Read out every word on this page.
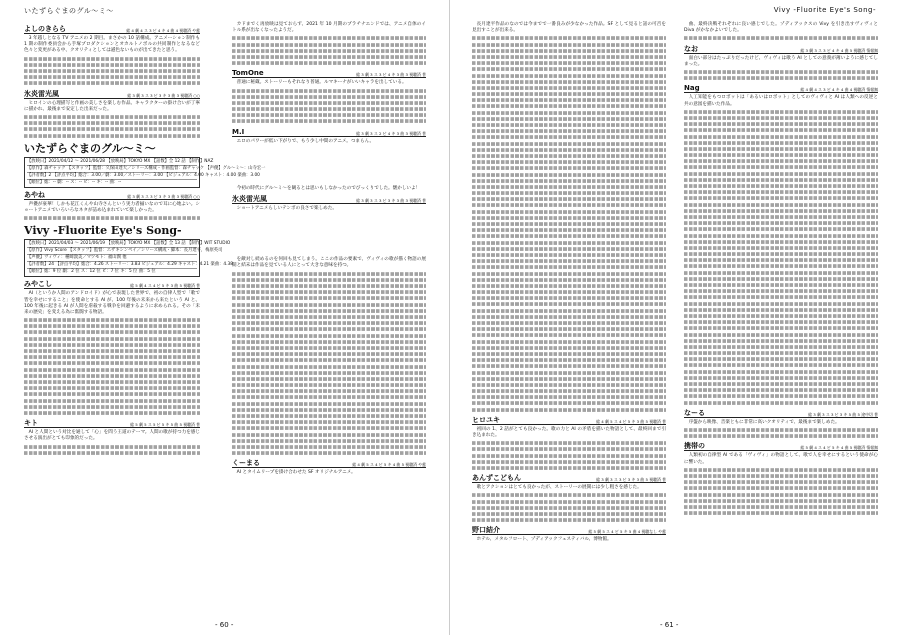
いたずらぐまのグル〜ミ〜
よしのきらら	総 4 劇 4 ス 3 ビ 4 キ 4 曲 4 視聴済 や慈

3 年越しとなる TV アニメの 2 期目。まさかの 10 話構成。アニメーション制作も 1 期の制作委員会から手塚プロダクションとオカルトノボルの共同制作となるなど色々と変更がある中、クオリティとしては遜色ないものが出てきたと思う。

氷炎雷光風	総 3 劇 3 ス 3 ビ 3 キ 3 曲 3 視聴済 ○○

ヒロインの心理描写と作画の美しさを楽しむ作品。キャラクターの掛け合いが丁寧に描かれ、最後まで安定した出来だった。

いたずらぐまのグル〜ミ〜
【放映日】2021/04/12 〜 2021/06/28 【放映局】TOKYO MX 【話数】全 12 話 【制作】NAZ
【原作】森チャック 【スタッフ】監督：久保田達大／シリーズ構成・作画監督：森チャック 【声優】グル〜ミ〜：山寺宏一
【評者数】2 【評点平均】総合：3.00／劇：3.00／ストーリー：3.00 【ビジュアル：4.00 キャスト：4.00 楽曲：3.00
【順位】総：-- 劇：-- ス：-- ビ：-- キ：-- 曲：--
あやね	総 3 劇 3 ス 3 ビ 3 キ 3 曲 3 視聴済 ○○

声優が豪華！しかも花江くんや山寺さんという実力者揃いなので耳に心地よい。ショートアニメでいろいろなネタが詰め込まれていて楽しかった。

Vivy -Fluorite Eye's Song-
【放映日】2021/04/03 〜 2021/06/19 【放映局】TOKYO MX 【話数】全 13 話 【制作】WIT STUDIO
【原作】Vivy Score 【スタッフ】監督：エザキシンペイ／シリーズ構成・脚本：長月達平，梅原英司
【声優】ヴィヴィ：種﨑敦美／マツモト：福山潤 他
【評者数】24 【評点平均】総合：4.26 ストーリー：3.83 ビジュアル：4.29 キャスト：4.21 楽曲：4.38
【順位】総：9 位 劇：2 位 ス：12 位 ビ：7 位 キ：5 位 曲：5 位
みやこし	総 5 劇 4 ス 4 ビ 5 キ 3 曲 5 視聴済 普

AI（というか人間のアンドロイド）が心で表現した世界で、初の自律人型で「歌で皆を幸せにすること」を使命とする AI が、100 年後の未来から来たという AI と、100 年後に起きる AI が人間を虐殺する戦争を回避するように求められる。その「未来の歴史」を変える為に奮闘する物語。

キト	総 5 劇 5 ス 5 ビ 5 キ 5 曲 5 視聴済 普

AI と人間という対比を通して「心」を問う王道のテーマ。人間の歌が持つ力を感じさせる演出がとても印象的だった。

カドまでく再放映は見ておらず、2021 年 10 月期のプラチナエンドでは、アニメ自体のイトル系が出なくなったようだ。

TomOne	総 3 劇 3 ス 3 ビ 4 キ 3 曲 3 視聴済 普

普通に秘蔵。ストーリーもそれなり普通。ルマキーナがいいキャラを出している。

M.I	総 3 劇 3 ス 2 ビ 4 キ 3 曲 3 視聴済 普

エロのパワーが低い下がりで、もう少し中間のアニメ。つまらん。

今初の時代にグル〜ミ〜を観るとは思いもしなかったのでびっくりでした。懐かしいよ！

氷炎雷光風	総 3 劇 3 ス 3 ビ 3 キ 3 曲 3 視聴済 普

ショートアニメらしいテンポの良さで楽しめた。

を敵対し続めるのを何回も見てしまう。ここの作品の要素で、ヴィヴィの歌が描く物語の展開と結末は作品を見ている人にとって大きな意味を持つ。

くーまる	総 4 劇 5 ス 4 ビ 5 キ 4 曲 5 視聴済 や慈

AI とタイムリープを掛け合わせた SF オリジナルアニメ。

- 60 -
Vivy -Fluorite Eye's Song-

長月達平作品のなのでは今までで一番良みが少なかった作品。SF として見ると話の可否を見出すことが出来る。

ヒロユキ	総 4 劇 5 ス 4 ビ 5 キ 3 曲 5 視聴済 普

初回の 1、2 話がとても良かった。歌の力と AI の矛盾を描いた物語として、最終回まで引き込まれた。

あんずこどもん	総 3 劇 3 ス 3 ビ 3 キ 3 曲 5 視聴済 普

歌とアクションはとても良かったが、ストーリーの展開には少し粗さを感じた。

野口結介	総 5 劇 5 ス 4 ビ 5 キ 5 曲 4 視聴なし や慈

ホテル、メタルフロート、ゾディアックフェスティバル、博物館。

曲、最終決戦それぞれに良い感じでした。ゾディアックスの Vivy を引き出すヴィヴィと Diva がかなかよいでした。

なお	総 3 劇 3 ス 3 ビ 4 キ 4 曲 5 視聴済 情報無

面白い部分はたっぷりだったけど、ヴィヴィは歌う AI としての意義が薄いように感じてしまった。

Nag	総 4 劇 4 ス 3 ビ 4 キ 4 曲 4 視聴済 情報無

人工知能をもつロボットは「あるいはロボット」としてのヴィヴィと AI は人類への反逆と共の意図を描いた作品。

なーる	総 3 劇 3 ス 3 ビ 3 キ 5 曲 5 途中切 普

序盤から映像、音楽ともに非常に高いクオリティで、最後まで楽しめた。

携帯の	総 5 劇 4 ス 4 ビ 5 キ 4 曲 5 視聴済 情報無

人類初の自律型 AI である「ヴィヴィ」の物語として、歌で人を幸せにするという使命が心に響いた。

- 61 -
